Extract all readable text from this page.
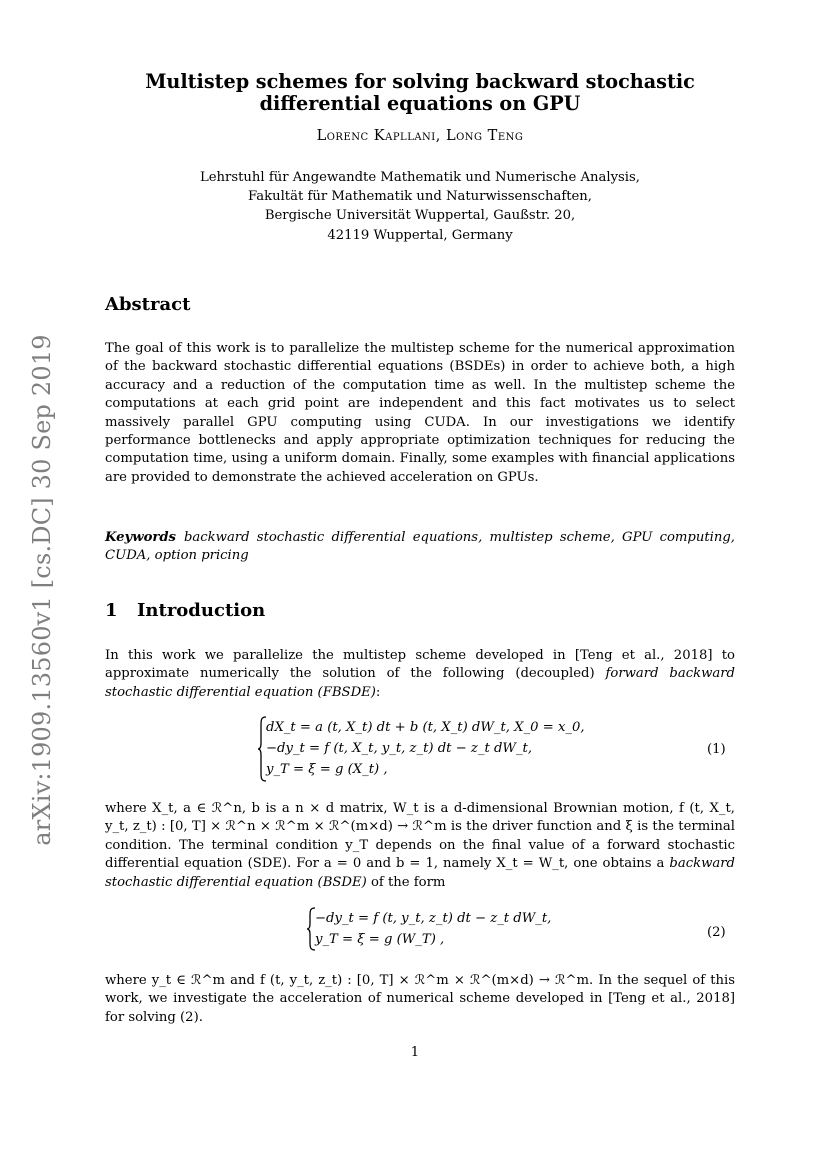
arXiv:1909.13560v1 [cs.DC] 30 Sep 2019
Multistep schemes for solving backward stochastic differential equations on GPU
Lorenc Kapllani, Long Teng
Lehrstuhl für Angewandte Mathematik und Numerische Analysis,
Fakultät für Mathematik und Naturwissenschaften,
Bergische Universität Wuppertal, Gaußstr. 20,
42119 Wuppertal, Germany
Abstract
The goal of this work is to parallelize the multistep scheme for the numerical approximation of the backward stochastic differential equations (BSDEs) in order to achieve both, a high accuracy and a reduction of the computation time as well. In the multistep scheme the computations at each grid point are independent and this fact motivates us to select massively parallel GPU computing using CUDA. In our investigations we identify performance bottlenecks and apply appropriate optimization techniques for reducing the computation time, using a uniform domain. Finally, some examples with financial applications are provided to demonstrate the achieved acceleration on GPUs.
Keywords backward stochastic differential equations, multistep scheme, GPU computing, CUDA, option pricing
1 Introduction
In this work we parallelize the multistep scheme developed in [Teng et al., 2018] to approximate numerically the solution of the following (decoupled) forward backward stochastic differential equation (FBSDE):
dX_t = a (t, X_t) dt + b (t, X_t) dW_t, X_0 = x_0,
−dy_t = f (t, X_t, y_t, z_t) dt − z_t dW_t,
y_T = ξ = g (X_t) ,
(1)
where X_t, a ∈ ℛ^n, b is a n × d matrix, W_t is a d-dimensional Brownian motion, f (t, X_t, y_t, z_t) : [0, T] × ℛ^n × ℛ^m × ℛ^(m×d) → ℛ^m is the driver function and ξ is the terminal condition. The terminal condition y_T depends on the final value of a forward stochastic differential equation (SDE). For a = 0 and b = 1, namely X_t = W_t, one obtains a backward stochastic differential equation (BSDE) of the form
−dy_t = f (t, y_t, z_t) dt − z_t dW_t,
y_T = ξ = g (W_T) ,	(2)
where y_t ∈ ℛ^m and f (t, y_t, z_t) : [0, T] × ℛ^m × ℛ^(m×d) → ℛ^m. In the sequel of this work, we investigate the acceleration of numerical scheme developed in [Teng et al., 2018] for solving (2).
1
